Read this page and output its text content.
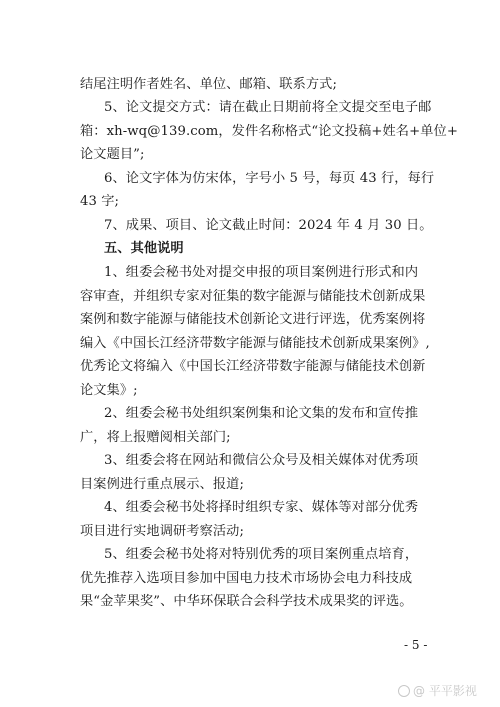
结尾注明作者姓名、单位、邮箱、联系方式;
5、论文提交方式：请在截止日期前将全文提交至电子邮
箱：xh-wq@139.com，发件名称格式“论文投稿+姓名+单位+
论文题目”;
6、论文字体为仿宋体，字号小 5 号，每页 43 行，每行
43 字;
7、成果、项目、论文截止时间：2024 年 4 月 30 日。
五、其他说明
1、组委会秘书处对提交申报的项目案例进行形式和内
容审查，并组织专家对征集的数字能源与储能技术创新成果
案例和数字能源与储能技术创新论文进行评选，优秀案例将
编入《中国长江经济带数字能源与储能技术创新成果案例》,
优秀论文将编入《中国长江经济带数字能源与储能技术创新
论文集》;
2、组委会秘书处组织案例集和论文集的发布和宣传推
广，将上报赠阅相关部门;
3、组委会将在网站和微信公众号及相关媒体对优秀项
目案例进行重点展示、报道;
4、组委会秘书处将择时组织专家、媒体等对部分优秀
项目进行实地调研考察活动;
5、组委会秘书处将对特别优秀的项目案例重点培育，
优先推荐入选项目参加中国电力技术市场协会电力科技成
果“金苹果奖”、中华环保联合会科学技术成果奖的评选。
- 5 -
@ 平平影视
